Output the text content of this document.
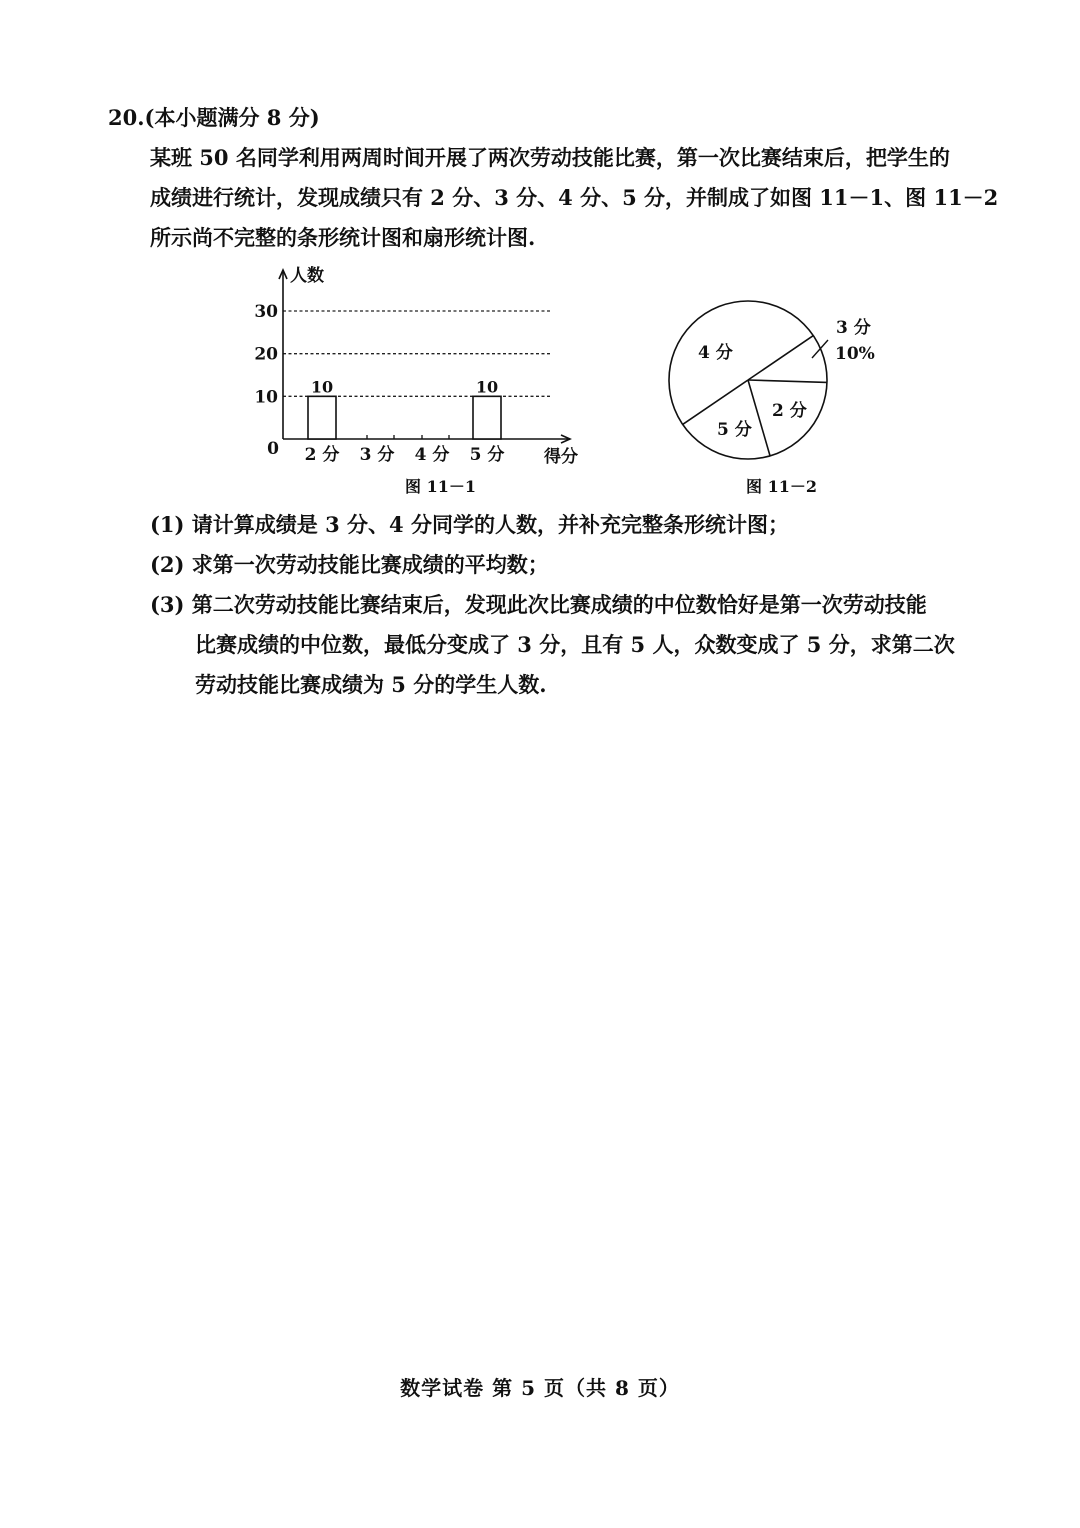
20.(本小题满分 8 分)
某班 50 名同学利用两周时间开展了两次劳动技能比赛，第一次比赛结束后，把学生的
成绩进行统计，发现成绩只有 2 分、3 分、4 分、5 分，并制成了如图 11－1、图 11－2
所示尚不完整的条形统计图和扇形统计图.
0
10
20
30
人数
得分
2 分
10
3 分 4 分 5 分
10
图 11－1
4 分
2 分
5 分
3 分
10%
图 11－2
(1) 请计算成绩是 3 分、4 分同学的人数，并补充完整条形统计图；
(2) 求第一次劳动技能比赛成绩的平均数；
(3) 第二次劳动技能比赛结束后，发现此次比赛成绩的中位数恰好是第一次劳动技能
比赛成绩的中位数，最低分变成了 3 分，且有 5 人，众数变成了 5 分，求第二次
劳动技能比赛成绩为 5 分的学生人数.
数学试卷 第 5 页（共 8 页）
